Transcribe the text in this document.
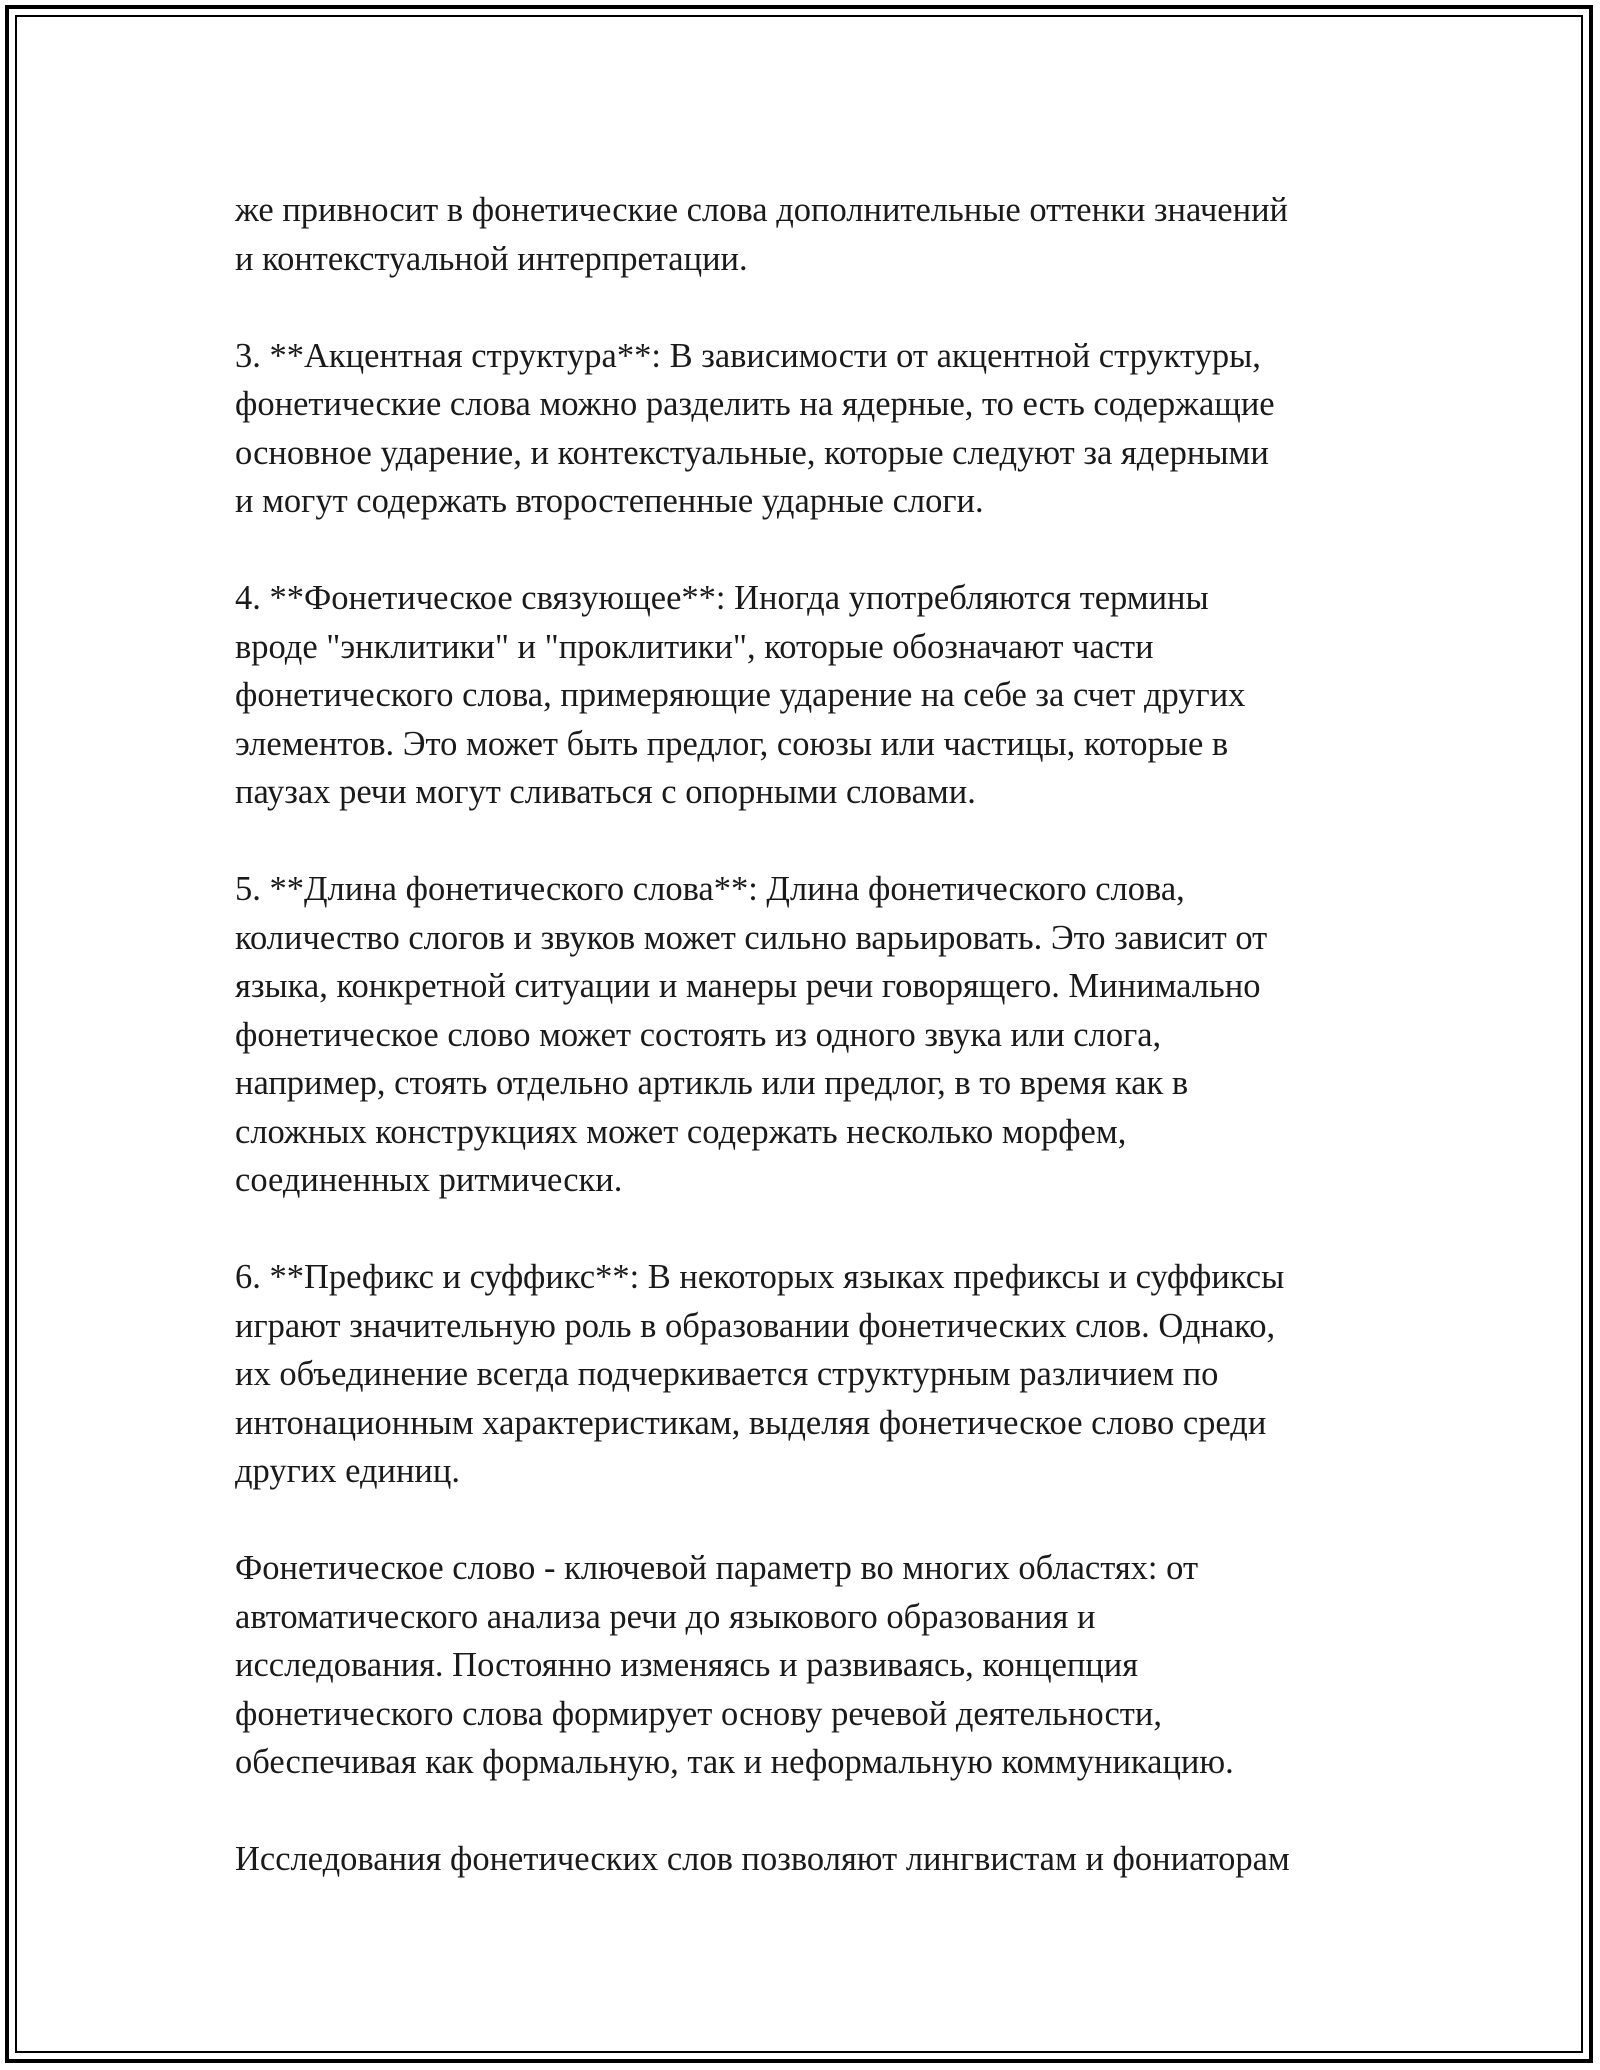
же привносит в фонетические слова дополнительные оттенки значений
и контекстуальной интерпретации.

3. **Акцентная структура**: В зависимости от акцентной структуры,
фонетические слова можно разделить на ядерные, то есть содержащие
основное ударение, и контекстуальные, которые следуют за ядерными
и могут содержать второстепенные ударные слоги.

4. **Фонетическое связующее**: Иногда употребляются термины
вроде "энклитики" и "проклитики", которые обозначают части
фонетического слова, примеряющие ударение на себе за счет других
элементов. Это может быть предлог, союзы или частицы, которые в
паузах речи могут сливаться с опорными словами.

5. **Длина фонетического слова**: Длина фонетического слова,
количество слогов и звуков может сильно варьировать. Это зависит от
языка, конкретной ситуации и манеры речи говорящего. Минимально
фонетическое слово может состоять из одного звука или слога,
например, стоять отдельно артикль или предлог, в то время как в
сложных конструкциях может содержать несколько морфем,
соединенных ритмически.

6. **Префикс и суффикс**: В некоторых языках префиксы и суффиксы
играют значительную роль в образовании фонетических слов. Однако,
их объединение всегда подчеркивается структурным различием по
интонационным характеристикам, выделяя фонетическое слово среди
других единиц.

Фонетическое слово - ключевой параметр во многих областях: от
автоматического анализа речи до языкового образования и
исследования. Постоянно изменяясь и развиваясь, концепция
фонетического слова формирует основу речевой деятельности,
обеспечивая как формальную, так и неформальную коммуникацию.

Исследования фонетических слов позволяют лингвистам и фониаторам
